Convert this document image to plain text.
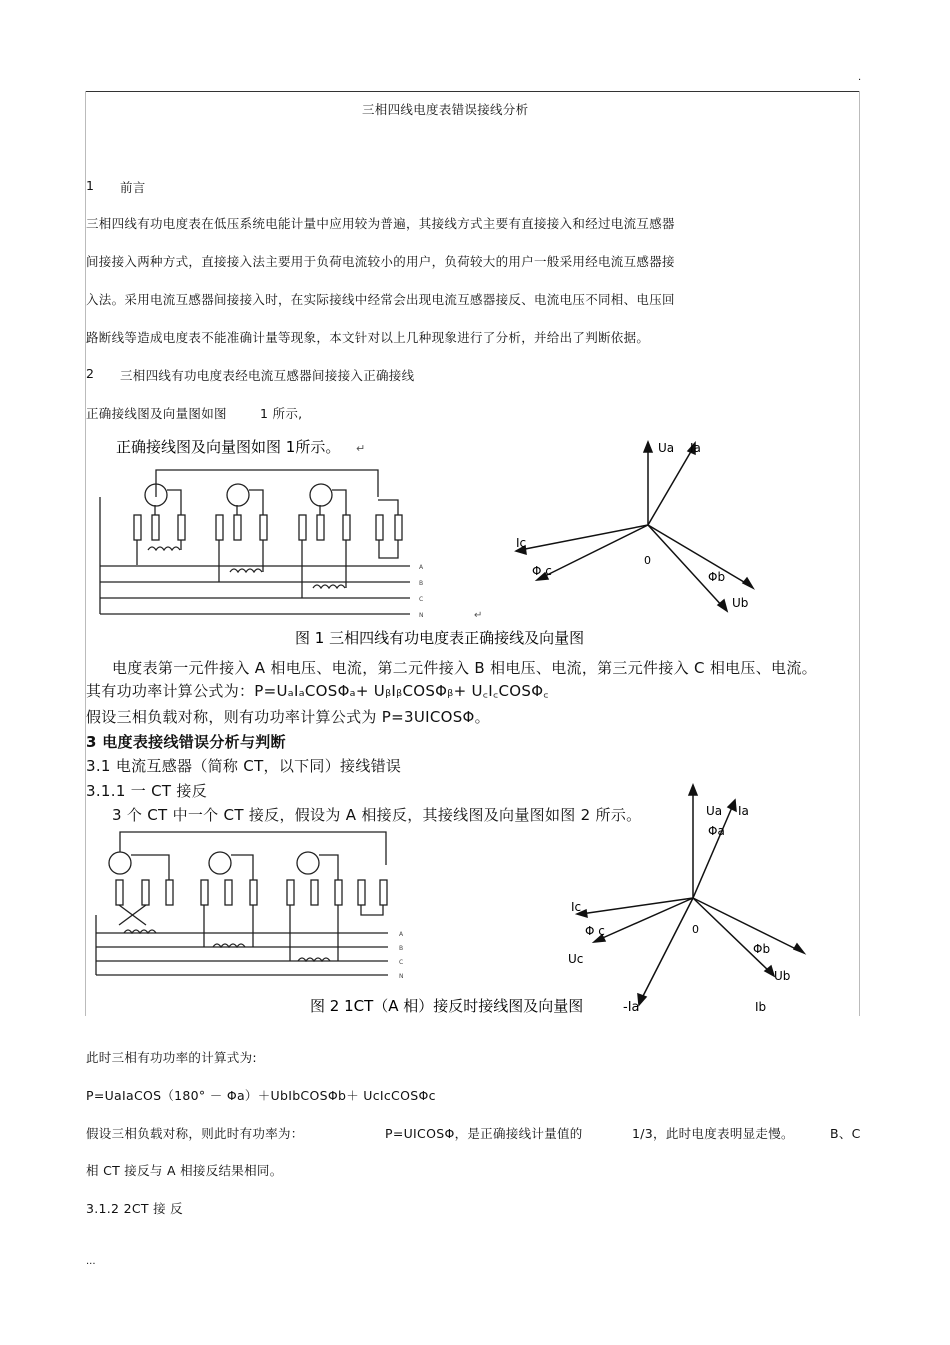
.
三相四线电度表错误接线分析
1 前言
三相四线有功电度表在低压系统电能计量中应用较为普遍，其接线方式主要有直接接入和经过电流互感器
间接接入两种方式，直接接入法主要用于负荷电流较小的用户，负荷较大的用户一般采用经电流互感器接
入法。采用电流互感器间接接入时，在实际接线中经常会出现电流互感器接反、电流电压不同相、电压回
路断线等造成电度表不能准确计量等现象，本文针对以上几种现象进行了分析，并给出了判断依据。
2 三相四线有功电度表经电流互感器间接接入正确接线
正确接线图及向量图如图	1 所示,
正确接线图及向量图如图 1所示。 ↵
A
B
C
N	↵
Ua Ia
Ic
Φ c
0
Φb
Ub
图 1 三相四线有功电度表正确接线及向量图
电度表第一元件接入 A 相电压、电流，第二元件接入 B 相电压、电流，第三元件接入 C 相电压、电流。
其有功功率计算公式为：P=UₐIₐCOSΦₐ+ UᵦIᵦCOSΦᵦ+ U꜀I꜀COSΦ꜀
假设三相负载对称，则有功功率计算公式为 P=3UICOSΦ。
3 电度表接线错误分析与判断
3.1 电流互感器（简称 CT，以下同）接线错误
3.1.1 一 CT 接反
3 个 CT 中一个 CT 接反，假设为 A 相接反，其接线图及向量图如图 2 所示。
A
B
C
N
Ua Ia
Φa
Ic
Φ c
Uc
0
Φb
Ub
Ib
图 2 1CT（A 相）接反时接线图及向量图	-Ia
此时三相有功功率的计算式为:
P=UaIaCOS（180° － Φa）＋UbIbCOSΦb＋ UcIcCOSΦc
假设三相负载对称，则此时有功率为：	P=UICOSΦ，是正确接线计量值的	1/3，此时电度表明显走慢。	B、C
相 CT 接反与 A 相接反结果相同。
3.1.2 2CT 接 反
...
